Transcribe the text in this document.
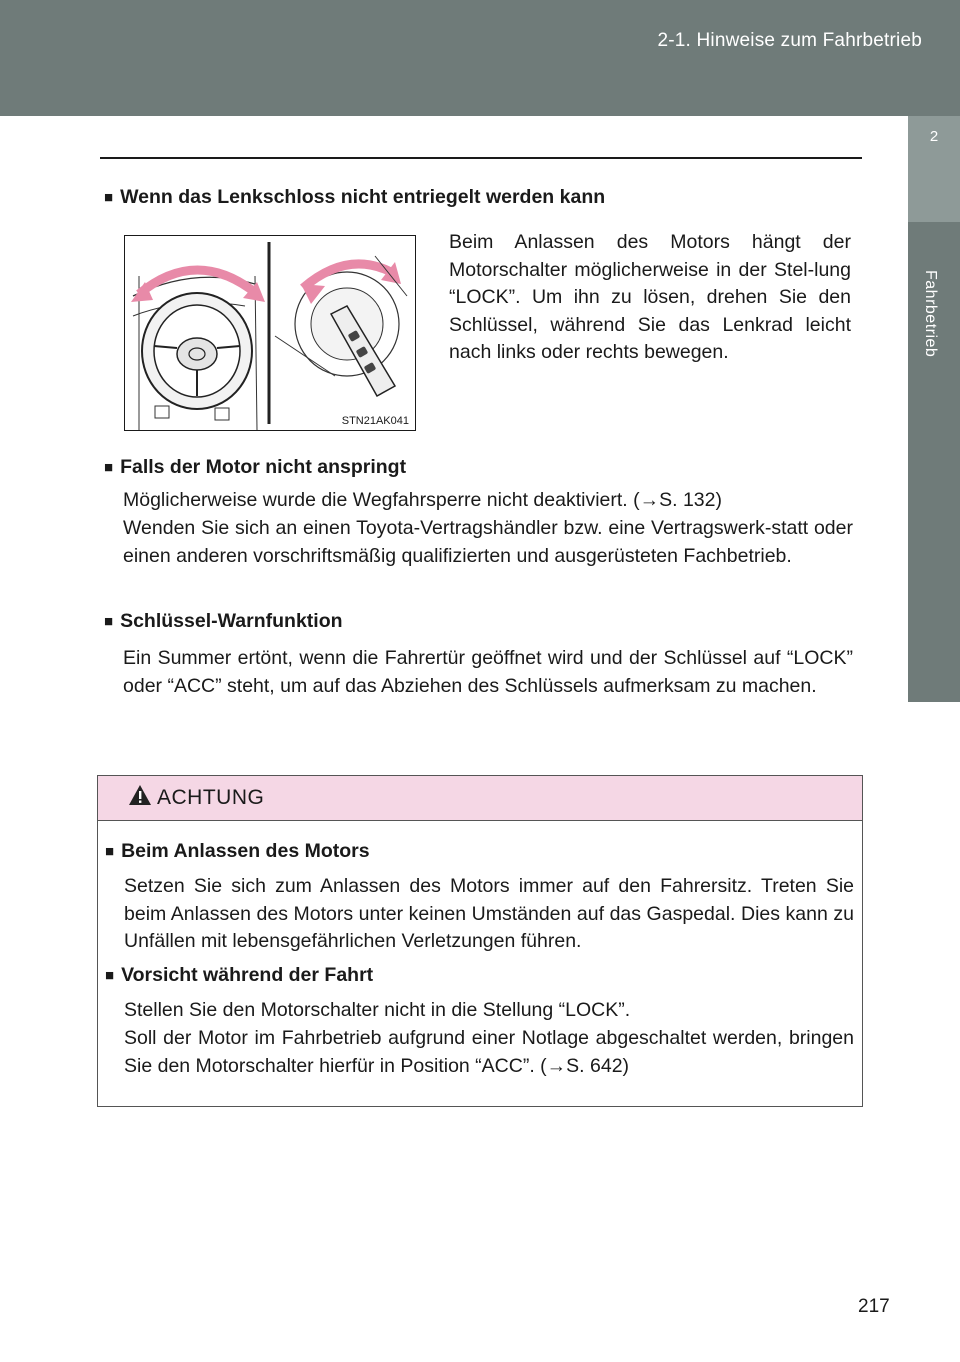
2-1. Hinweise zum Fahrbetrieb
2
Fahrbetrieb
■ Wenn das Lenkschloss nicht entriegelt werden kann
STN21AK041
Beim Anlassen des Motors hängt der Motorschalter möglicherweise in der Stel-lung “LOCK”. Um ihn zu lösen, drehen Sie den Schlüssel, während Sie das Lenkrad leicht nach links oder rechts bewegen.
■ Falls der Motor nicht anspringt
Möglicherweise wurde die Wegfahrsperre nicht deaktiviert. (→S. 132)
Wenden Sie sich an einen Toyota-Vertragshändler bzw. eine Vertragswerk-statt oder einen anderen vorschriftsmäßig qualifizierten und ausgerüsteten Fachbetrieb.
■ Schlüssel-Warnfunktion
Ein Summer ertönt, wenn die Fahrertür geöffnet wird und der Schlüssel auf “LOCK” oder “ACC” steht, um auf das Abziehen des Schlüssels aufmerksam zu machen.
ACHTUNG
■ Beim Anlassen des Motors
Setzen Sie sich zum Anlassen des Motors immer auf den Fahrersitz. Treten Sie beim Anlassen des Motors unter keinen Umständen auf das Gaspedal. Dies kann zu Unfällen mit lebensgefährlichen Verletzungen führen.
■ Vorsicht während der Fahrt
Stellen Sie den Motorschalter nicht in die Stellung “LOCK”.
Soll der Motor im Fahrbetrieb aufgrund einer Notlage abgeschaltet werden, bringen Sie den Motorschalter hierfür in Position “ACC”. (→S. 642)
217
